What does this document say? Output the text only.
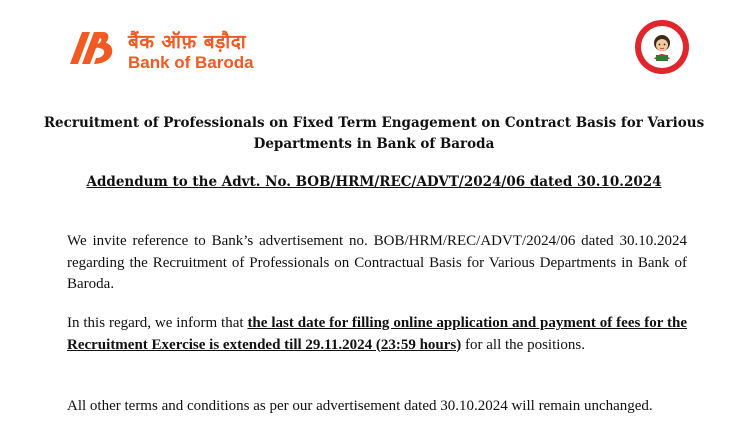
बैंक ऑफ़ बड़ौदा
Bank of Baroda
Recruitment of Professionals on Fixed Term Engagement on Contract Basis for Various Departments in Bank of Baroda
Addendum to the Advt. No. BOB/HRM/REC/ADVT/2024/06 dated 30.10.2024
We invite reference to Bank’s advertisement no. BOB/HRM/REC/ADVT/2024/06 dated 30.10.2024 regarding the Recruitment of Professionals on Contractual Basis for Various Departments in Bank of Baroda.
In this regard, we inform that the last date for filling online application and payment of fees for the Recruitment Exercise is extended till 29.11.2024 (23:59 hours) for all the positions.
All other terms and conditions as per our advertisement dated 30.10.2024 will remain unchanged.
